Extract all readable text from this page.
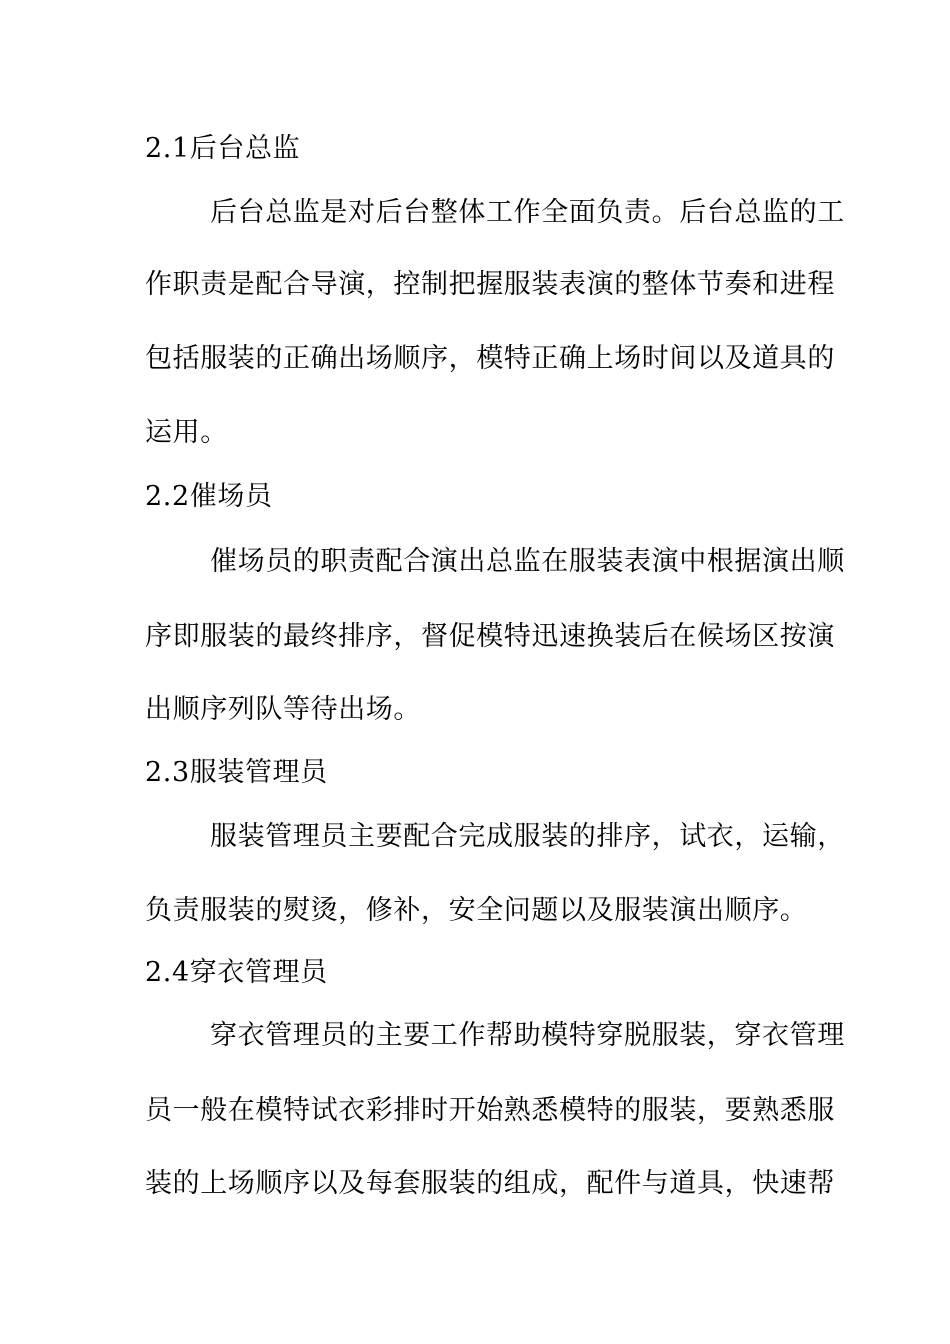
2.1后台总监
后台总监是对后台整体工作全面负责。后台总监的工
作职责是配合导演，控制把握服装表演的整体节奏和进程
包括服装的正确出场顺序，模特正确上场时间以及道具的
运用。
2.2催场员
催场员的职责配合演出总监在服装表演中根据演出顺
序即服装的最终排序，督促模特迅速换装后在候场区按演
出顺序列队等待出场。
2.3服装管理员
服装管理员主要配合完成服装的排序，试衣，运输，
负责服装的熨烫，修补，安全问题以及服装演出顺序。
2.4穿衣管理员
穿衣管理员的主要工作帮助模特穿脱服装，穿衣管理
员一般在模特试衣彩排时开始熟悉模特的服装，要熟悉服
装的上场顺序以及每套服装的组成，配件与道具，快速帮
